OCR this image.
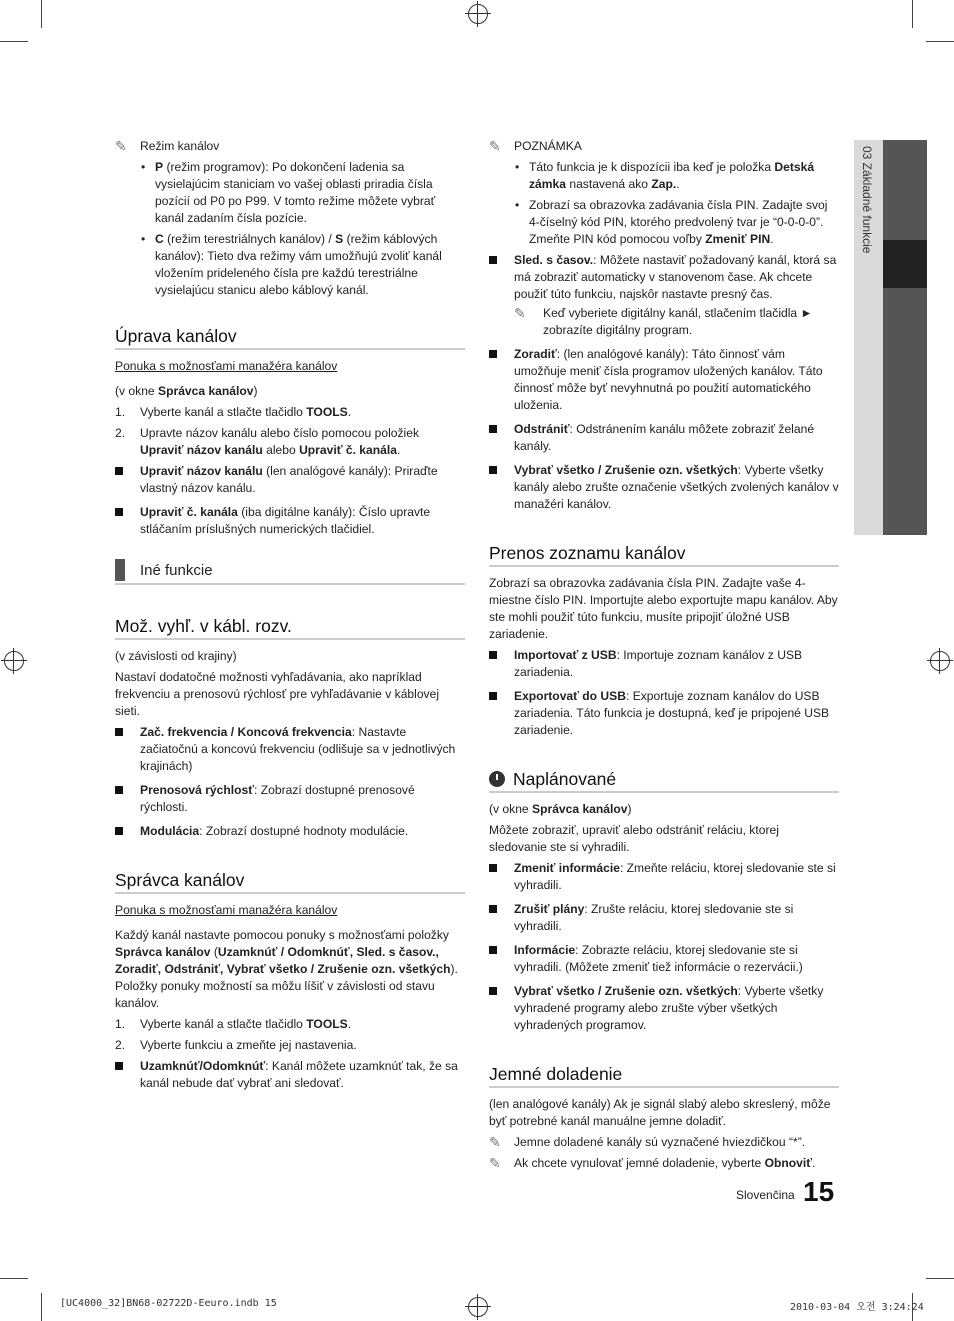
03 Základné funkcie
✎ Režim kanálov
• P (režim programov): Po dokončení ladenia sa vysielajúcim staniciam vo vašej oblasti priradia čísla pozícií od P0 po P99. V tomto režime môžete vybrať kanál zadaním čísla pozície.
• C (režim terestriálnych kanálov) / S (režim káblových kanálov): Tieto dva režimy vám umožňujú zvoliť kanál vložením prideleného čísla pre každú terestriálne vysielajúcu stanicu alebo káblový kanál.
Úprava kanálov
Ponuka s možnosťami manažéra kanálov
(v okne Správca kanálov)
1. Vyberte kanál a stlačte tlačidlo TOOLS.
2. Upravte názov kanálu alebo číslo pomocou položiek Upraviť názov kanálu alebo Upraviť č. kanála.
Upraviť názov kanálu (len analógové kanály): Priraďte vlastný názov kanálu.
Upraviť č. kanála (iba digitálne kanály): Číslo upravte stláčaním príslušných numerických tlačidiel.
Iné funkcie
Mož. vyhľ. v kábl. rozv.
(v závislosti od krajiny)
Nastaví dodatočné možnosti vyhľadávania, ako napríklad frekvenciu a prenosovú rýchlosť pre vyhľadávanie v káblovej sieti.
Zač. frekvencia / Koncová frekvencia: Nastavte začiatočnú a koncovú frekvenciu (odlišuje sa v jednotlivých krajinách)
Prenosová rýchlosť: Zobrazí dostupné prenosové rýchlosti.
Modulácia: Zobrazí dostupné hodnoty modulácie.
Správca kanálov
Ponuka s možnosťami manažéra kanálov
Každý kanál nastavte pomocou ponuky s možnosťami položky Správca kanálov (Uzamknúť / Odomknúť, Sled. s časov., Zoradiť, Odstrániť, Vybrať všetko / Zrušenie ozn. všetkých). Položky ponuky možností sa môžu líšiť v závislosti od stavu kanálov.
1. Vyberte kanál a stlačte tlačidlo TOOLS.
2. Vyberte funkciu a zmeňte jej nastavenia.
Uzamknúť/Odomknúť: Kanál môžete uzamknúť tak, že sa kanál nebude dať vybrať ani sledovať.
✎ POZNÁMKA
• Táto funkcia je k dispozícii iba keď je položka Detská zámka nastavená ako Zap..
• Zobrazí sa obrazovka zadávania čísla PIN. Zadajte svoj 4-číselný kód PIN, ktorého predvolený tvar je “0-0-0-0”. Zmeňte PIN kód pomocou voľby Zmeniť PIN.
Sled. s časov.: Môžete nastaviť požadovaný kanál, ktorá sa má zobraziť automaticky v stanovenom čase. Ak chcete použiť túto funkciu, najskôr nastavte presný čas.
✎ Keď vyberiete digitálny kanál, stlačením tlačidla ► zobrazíte digitálny program.
Zoradiť: (len analógové kanály): Táto činnosť vám umožňuje meniť čísla programov uložených kanálov. Táto činnosť môže byť nevyhnutná po použití automatického uloženia.
Odstrániť: Odstránením kanálu môžete zobraziť želané kanály.
Vybrať všetko / Zrušenie ozn. všetkých: Vyberte všetky kanály alebo zrušte označenie všetkých zvolených kanálov v manažéri kanálov.
Prenos zoznamu kanálov
Zobrazí sa obrazovka zadávania čísla PIN. Zadajte vaše 4-miestne číslo PIN. Importujte alebo exportujte mapu kanálov. Aby ste mohli použiť túto funkciu, musíte pripojiť úložné USB zariadenie.
Importovať z USB: Importuje zoznam kanálov z USB zariadenia.
Exportovať do USB: Exportuje zoznam kanálov do USB zariadenia. Táto funkcia je dostupná, keď je pripojené USB zariadenie.
Naplánované
(v okne Správca kanálov)
Môžete zobraziť, upraviť alebo odstrániť reláciu, ktorej sledovanie ste si vyhradili.
Zmeniť informácie: Zmeňte reláciu, ktorej sledovanie ste si vyhradili.
Zrušiť plány: Zrušte reláciu, ktorej sledovanie ste si vyhradili.
Informácie: Zobrazte reláciu, ktorej sledovanie ste si vyhradili. (Môžete zmeniť tiež informácie o rezervácii.)
Vybrať všetko / Zrušenie ozn. všetkých: Vyberte všetky vyhradené programy alebo zrušte výber všetkých vyhradených programov.
Jemné doladenie
(len analógové kanály) Ak je signál slabý alebo skreslený, môže byť potrebné kanál manuálne jemne doladiť.
✎ Jemne doladené kanály sú vyznačené hviezdičkou “*”.
✎ Ak chcete vynulovať jemné doladenie, vyberte Obnoviť.
Slovenčina 15
[UC4000_32]BN68-02722D-Eeuro.indb 15	2010-03-04 오전 3:24:24
